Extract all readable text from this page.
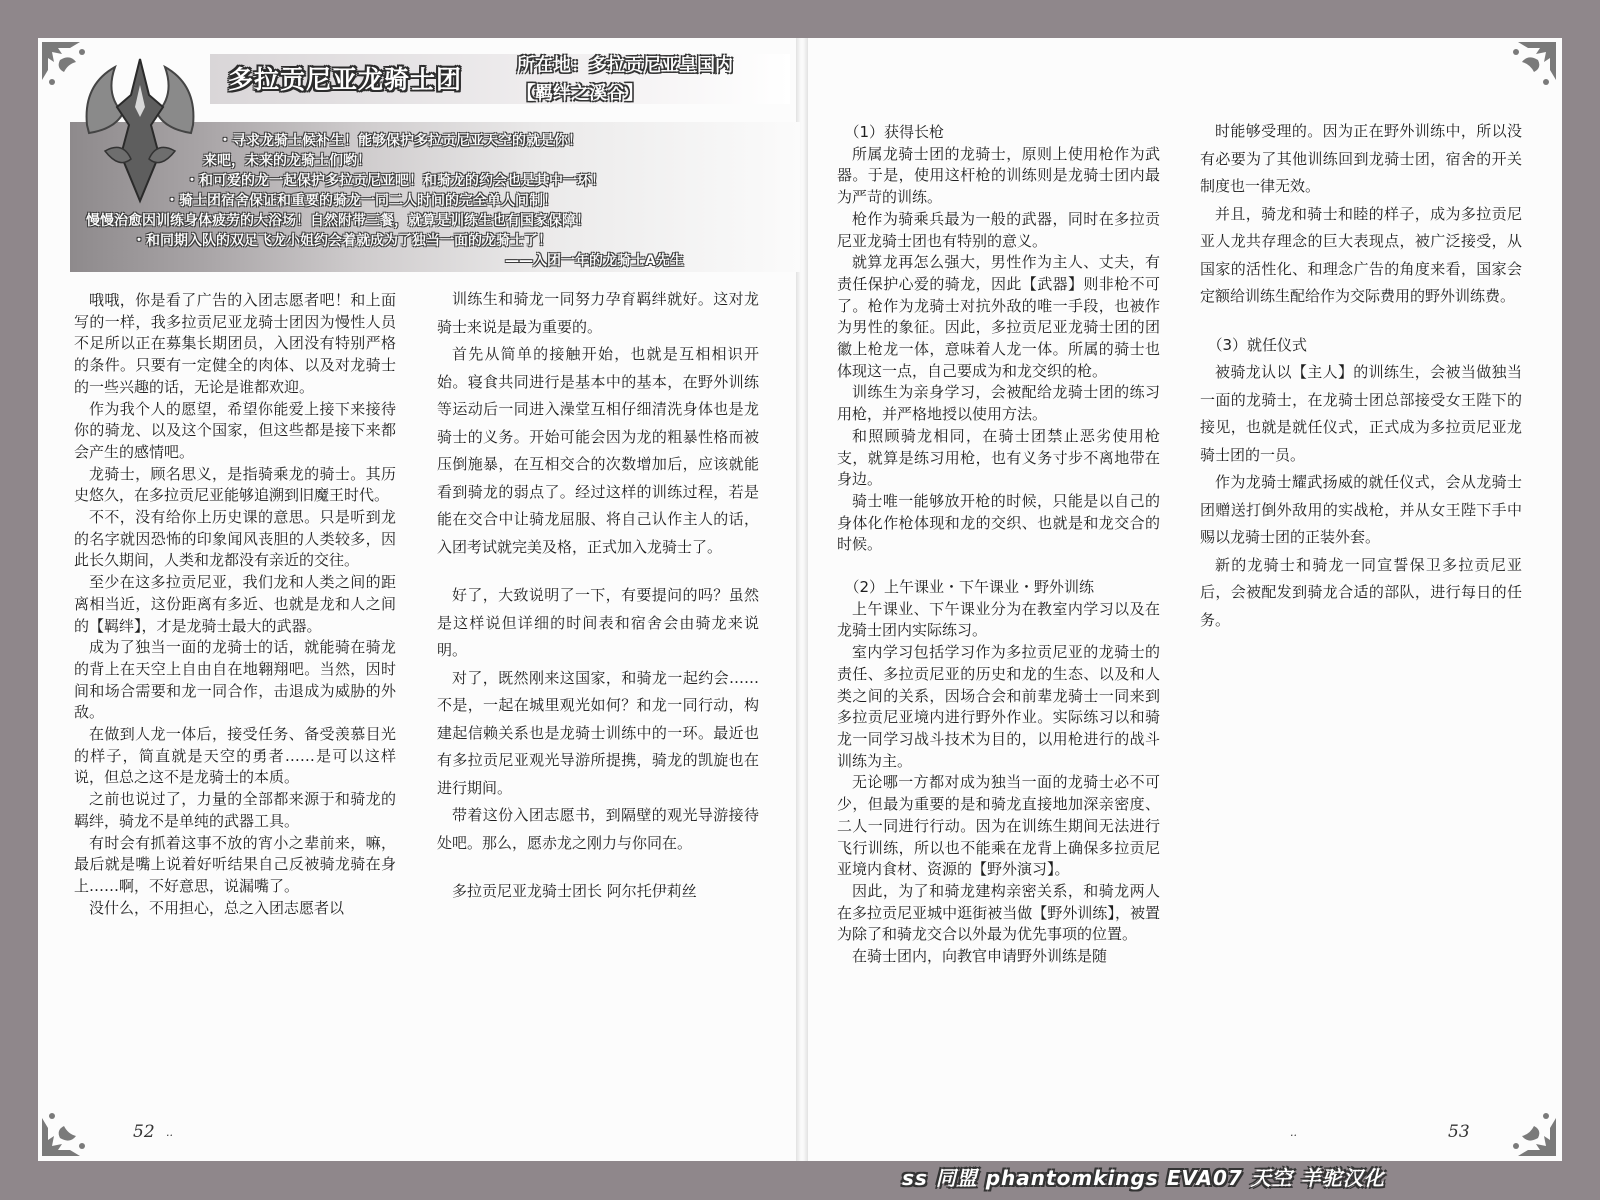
多拉贡尼亚龙骑士团	所在地：多拉贡尼亚皇国内
【羁绊之溪谷】
・寻求龙骑士候补生！能够保护多拉贡尼亚天空的就是你！
来吧，未来的龙骑士们哟！
・和可爱的龙一起保护多拉贡尼亚吧！和骑龙的约会也是其中一环！
・骑士团宿舍保证和重要的骑龙一同二人时间的完全单人间制！
慢慢治愈因训练身体疲劳的大浴场！自然附带三餐，就算是训练生也有国家保障！
・和同期入队的双足飞龙小姐约会着就成为了独当一面的龙骑士了！
——入团一年的龙骑士A先生

哦哦，你是看了广告的入团志愿者吧！和上面写的一样，我多拉贡尼亚龙骑士团因为慢性人员不足所以正在募集长期团员，入团没有特别严格的条件。只要有一定健全的肉体、以及对龙骑士的一些兴趣的话，无论是谁都欢迎。

作为我个人的愿望，希望你能爱上接下来接待你的骑龙、以及这个国家，但这些都是接下来都会产生的感情吧。

龙骑士，顾名思义，是指骑乘龙的骑士。其历史悠久，在多拉贡尼亚能够追溯到旧魔王时代。

不不，没有给你上历史课的意思。只是听到龙的名字就因恐怖的印象闻风丧胆的人类较多，因此长久期间，人类和龙都没有亲近的交往。

至少在这多拉贡尼亚，我们龙和人类之间的距离相当近，这份距离有多近、也就是龙和人之间的【羁绊】，才是龙骑士最大的武器。

成为了独当一面的龙骑士的话，就能骑在骑龙的背上在天空上自由自在地翱翔吧。当然，因时间和场合需要和龙一同合作，击退成为威胁的外敌。

在做到人龙一体后，接受任务、备受羡慕目光的样子，简直就是天空的勇者……是可以这样说，但总之这不是龙骑士的本质。

之前也说过了，力量的全部都来源于和骑龙的羁绊，骑龙不是单纯的武器工具。

有时会有抓着这事不放的宵小之辈前来，嘛，最后就是嘴上说着好听结果自己反被骑龙骑在身上……啊，不好意思，说漏嘴了。

没什么，不用担心，总之入团志愿者以

训练生和骑龙一同努力孕育羁绊就好。这对龙骑士来说是最为重要的。

首先从简单的接触开始，也就是互相相识开始。寝食共同进行是基本中的基本，在野外训练等运动后一同进入澡堂互相仔细清洗身体也是龙骑士的义务。开始可能会因为龙的粗暴性格而被压倒施暴，在互相交合的次数增加后，应该就能看到骑龙的弱点了。经过这样的训练过程，若是能在交合中让骑龙屈服、将自己认作主人的话，入团考试就完美及格，正式加入龙骑士了。

好了，大致说明了一下，有要提问的吗？虽然是这样说但详细的时间表和宿舍会由骑龙来说明。

对了，既然刚来这国家，和骑龙一起约会……不是，一起在城里观光如何？和龙一同行动，构建起信赖关系也是龙骑士训练中的一环。最近也有多拉贡尼亚观光导游所提携，骑龙的凯旋也在进行期间。

带着这份入团志愿书，到隔壁的观光导游接待处吧。那么，愿赤龙之刚力与你同在。

多拉贡尼亚龙骑士团长 阿尔托伊莉丝

（1）获得长枪

所属龙骑士团的龙骑士，原则上使用枪作为武器。于是，使用这杆枪的训练则是龙骑士团内最为严苛的训练。

枪作为骑乘兵最为一般的武器，同时在多拉贡尼亚龙骑士团也有特别的意义。

就算龙再怎么强大，男性作为主人、丈夫，有责任保护心爱的骑龙，因此【武器】则非枪不可了。枪作为龙骑士对抗外敌的唯一手段，也被作为男性的象征。因此，多拉贡尼亚龙骑士团的团徽上枪龙一体，意味着人龙一体。所属的骑士也体现这一点，自己要成为和龙交织的枪。

训练生为亲身学习，会被配给龙骑士团的练习用枪，并严格地授以使用方法。

和照顾骑龙相同，在骑士团禁止恶劣使用枪支，就算是练习用枪，也有义务寸步不离地带在身边。

骑士唯一能够放开枪的时候，只能是以自己的身体化作枪体现和龙的交织、也就是和龙交合的时候。

（2）上午课业・下午课业・野外训练

上午课业、下午课业分为在教室内学习以及在龙骑士团内实际练习。

室内学习包括学习作为多拉贡尼亚的龙骑士的责任、多拉贡尼亚的历史和龙的生态、以及和人类之间的关系，因场合会和前辈龙骑士一同来到多拉贡尼亚境内进行野外作业。实际练习以和骑龙一同学习战斗技术为目的，以用枪进行的战斗训练为主。

无论哪一方都对成为独当一面的龙骑士必不可少，但最为重要的是和骑龙直接地加深亲密度、二人一同进行行动。因为在训练生期间无法进行飞行训练，所以也不能乘在龙背上确保多拉贡尼亚境内食材、资源的【野外演习】。

因此，为了和骑龙建构亲密关系，和骑龙两人在多拉贡尼亚城中逛街被当做【野外训练】，被置为除了和骑龙交合以外最为优先事项的位置。

在骑士团内，向教官申请野外训练是随

时能够受理的。因为正在野外训练中，所以没有必要为了其他训练回到龙骑士团，宿舍的开关制度也一律无效。

并且，骑龙和骑士和睦的样子，成为多拉贡尼亚人龙共存理念的巨大表现点，被广泛接受，从国家的活性化、和理念广告的角度来看，国家会定额给训练生配给作为交际费用的野外训练费。

（3）就任仪式

被骑龙认以【主人】的训练生，会被当做独当一面的龙骑士，在龙骑士团总部接受女王陛下的接见，也就是就任仪式，正式成为多拉贡尼亚龙骑士团的一员。

作为龙骑士耀武扬威的就任仪式，会从龙骑士团赠送打倒外敌用的实战枪，并从女王陛下手中赐以龙骑士团的正装外套。

新的龙骑士和骑龙一同宣誓保卫多拉贡尼亚后，会被配发到骑龙合适的部队，进行每日的任务。

52 ..	..	53
ss 同盟 phantomkings EVA07 天空 羊驼汉化
